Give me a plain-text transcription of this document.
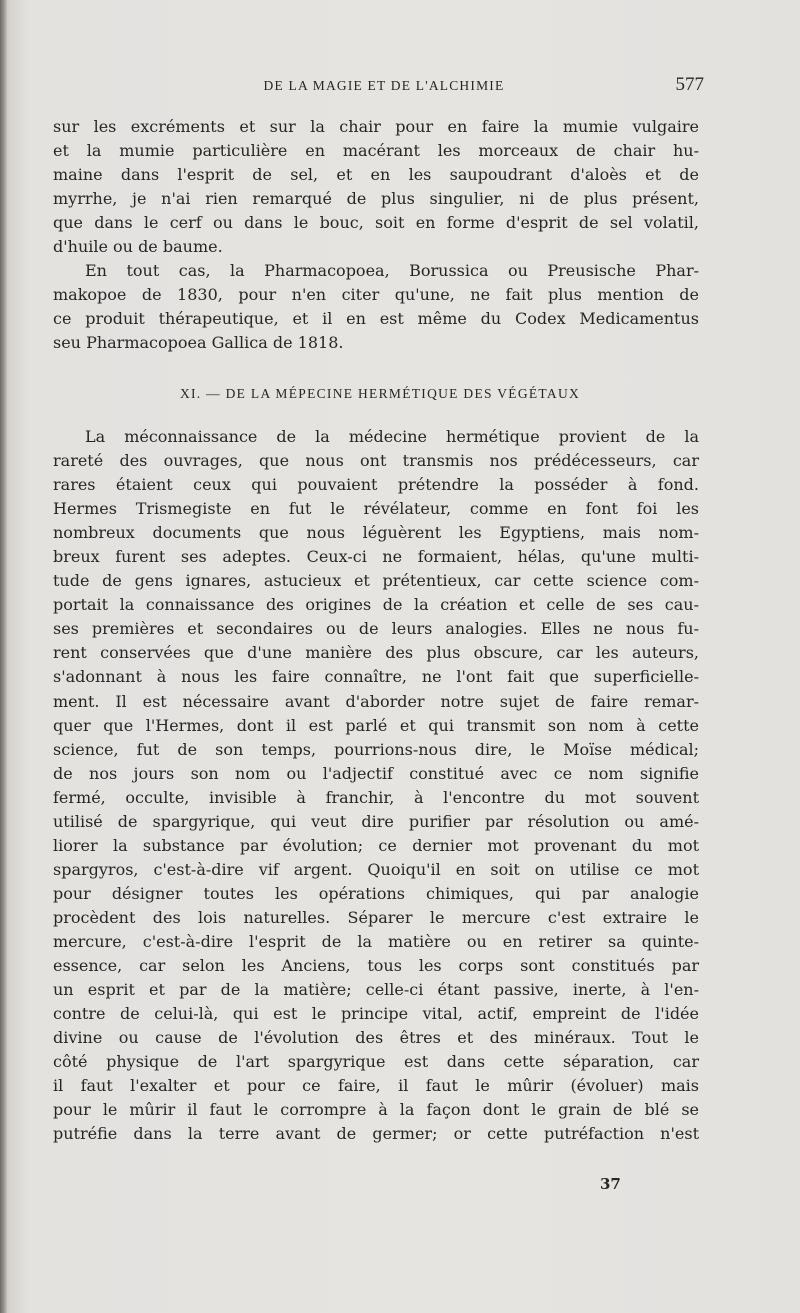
DE LA MAGIE ET DE L'ALCHIMIE	577
sur les excréments et sur la chair pour en faire la mumie vulgaire
et la mumie particulière en macérant les morceaux de chair hu-
maine dans l'esprit de sel, et en les saupoudrant d'aloès et de
myrrhe, je n'ai rien remarqué de plus singulier, ni de plus présent,
que dans le cerf ou dans le bouc, soit en forme d'esprit de sel volatil,
d'huile ou de baume.
En tout cas, la Pharmacopoea, Borussica ou Preusische Phar-
makopoe de 1830, pour n'en citer qu'une, ne fait plus mention de
ce produit thérapeutique, et il en est même du Codex Medicamentus
seu Pharmacopoea Gallica de 1818.
XI. — DE LA MÉPECINE HERMÉTIQUE DES VÉGÉTAUX
La méconnaissance de la médecine hermétique provient de la
rareté des ouvrages, que nous ont transmis nos prédécesseurs, car
rares étaient ceux qui pouvaient prétendre la posséder à fond.
Hermes Trismegiste en fut le révélateur, comme en font foi les
nombreux documents que nous léguèrent les Egyptiens, mais nom-
breux furent ses adeptes. Ceux-ci ne formaient, hélas, qu'une multi-
tude de gens ignares, astucieux et prétentieux, car cette science com-
portait la connaissance des origines de la création et celle de ses cau-
ses premières et secondaires ou de leurs analogies. Elles ne nous fu-
rent conservées que d'une manière des plus obscure, car les auteurs,
s'adonnant à nous les faire connaître, ne l'ont fait que superficielle-
ment. Il est nécessaire avant d'aborder notre sujet de faire remar-
quer que l'Hermes, dont il est parlé et qui transmit son nom à cette
science, fut de son temps, pourrions-nous dire, le Moïse médical;
de nos jours son nom ou l'adjectif constitué avec ce nom signifie
fermé, occulte, invisible à franchir, à l'encontre du mot souvent
utilisé de spargyrique, qui veut dire purifier par résolution ou amé-
liorer la substance par évolution; ce dernier mot provenant du mot
spargyros, c'est-à-dire vif argent. Quoiqu'il en soit on utilise ce mot
pour désigner toutes les opérations chimiques, qui par analogie
procèdent des lois naturelles. Séparer le mercure c'est extraire le
mercure, c'est-à-dire l'esprit de la matière ou en retirer sa quinte-
essence, car selon les Anciens, tous les corps sont constitués par
un esprit et par de la matière; celle-ci étant passive, inerte, à l'en-
contre de celui-là, qui est le principe vital, actif, empreint de l'idée
divine ou cause de l'évolution des êtres et des minéraux. Tout le
côté physique de l'art spargyrique est dans cette séparation, car
il faut l'exalter et pour ce faire, il faut le mûrir (évoluer) mais
pour le mûrir il faut le corrompre à la façon dont le grain de blé se
putréfie dans la terre avant de germer; or cette putréfaction n'est
37
